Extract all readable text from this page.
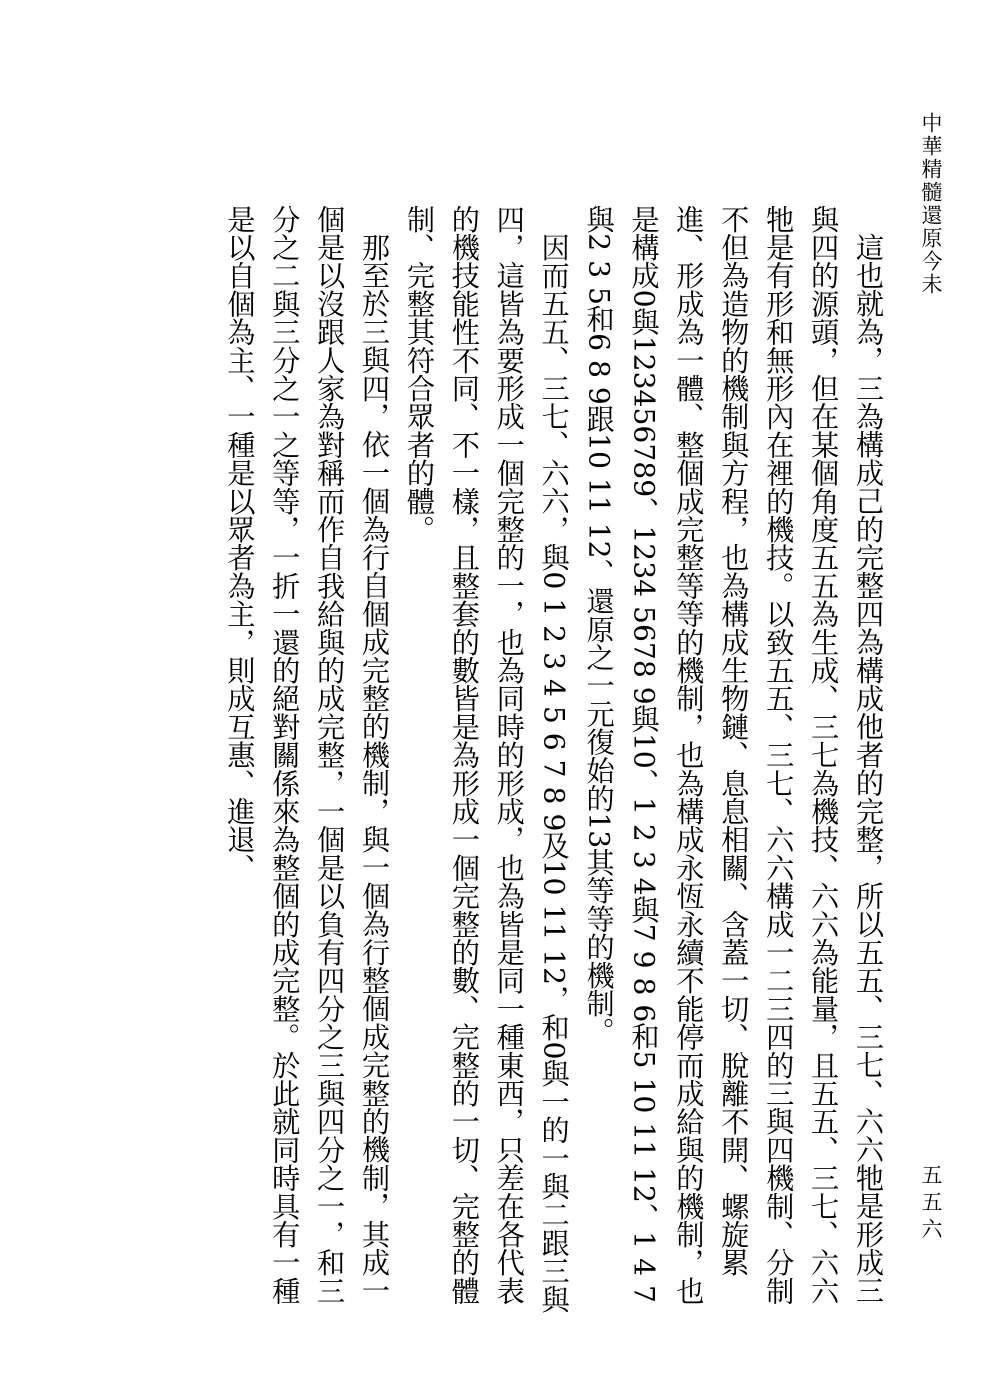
中華精髓還原今未
五五六

這也就為，三為構成己的完整四為構成他者的完整，所以五五、三七、六六牠是形成三與四的源頭，但在某個角度五五為生成、三七為機技、六六為能量，且五五、三七、六六牠是有形和無形內在裡的機技。以致五五、三七、六六構成一二三四的三與四機制、分制不但為造物的機制與方程，也為構成生物鏈、息息相關、含蓋一切、脫離不開、螺旋累進、形成為一體、整個成完整等等的機制，也為構成永恆永續不能停而成給與的機制，也是構成0與123456789、1234 5678 9與10、1 2 3 4與7 9 8 6和5 10 11 12、1 4 7與2 3 5和6 8 9跟10 11 12、還原之一元復始的13其等等的機制。

因而五五、三七、六六，與0 1 2 3 4 5 6 7 8 9及10 11 12，和0與一的一與二跟三與四，這皆為要形成一個完整的一，也為同時的形成，也為皆是同一種東西，只差在各代表的機技能性不同、不一樣，且整套的數皆是為形成一個完整的數、完整的一切、完整的體制、完整其符合眾者的體。

那至於三與四，依一個為行自個成完整的機制，與一個為行整個成完整的機制，其成一個是以沒跟人家為對稱而作自我給與的成完整，一個是以負有四分之三與四分之一，和三分之二與三分之一之等等，一折一還的絕對關係來為整個的成完整。於此就同時具有一種是以自個為主、一種是以眾者為主，則成互惠、進退、
